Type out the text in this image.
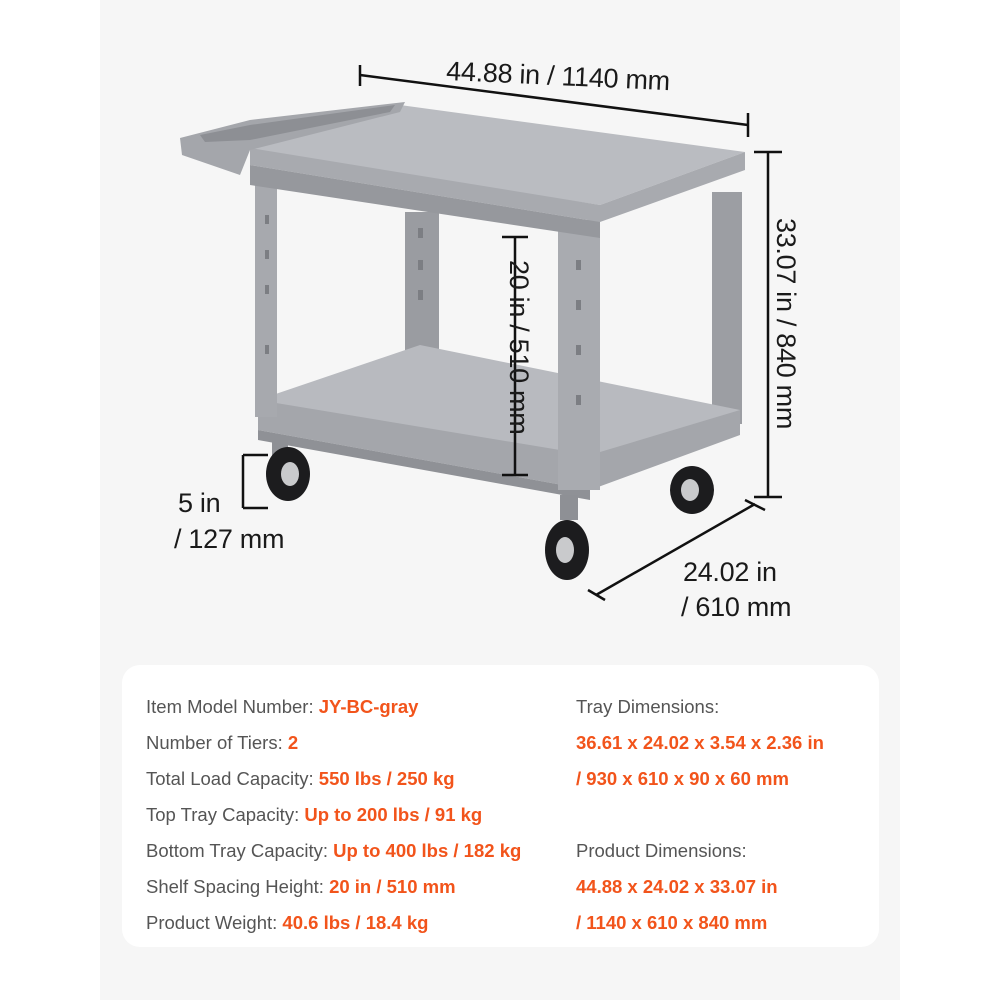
44.88 in / 1140 mm
33.07 in / 840 mm
20 in / 510 mm
5 in
/ 127 mm
24.02 in
/ 610 mm
Item Model Number: JY-BC-gray
Number of Tiers: 2
Total Load Capacity: 550 lbs / 250 kg
Top Tray Capacity: Up to 200 lbs / 91 kg
Bottom Tray Capacity: Up to 400 lbs / 182 kg
Shelf Spacing Height: 20 in / 510 mm
Product Weight: 40.6 lbs / 18.4 kg
Tray Dimensions:
36.61 x 24.02 x 3.54 x 2.36 in
/ 930 x 610 x 90 x 60 mm
Product Dimensions:
44.88 x 24.02 x 33.07 in
/ 1140 x 610 x 840 mm
